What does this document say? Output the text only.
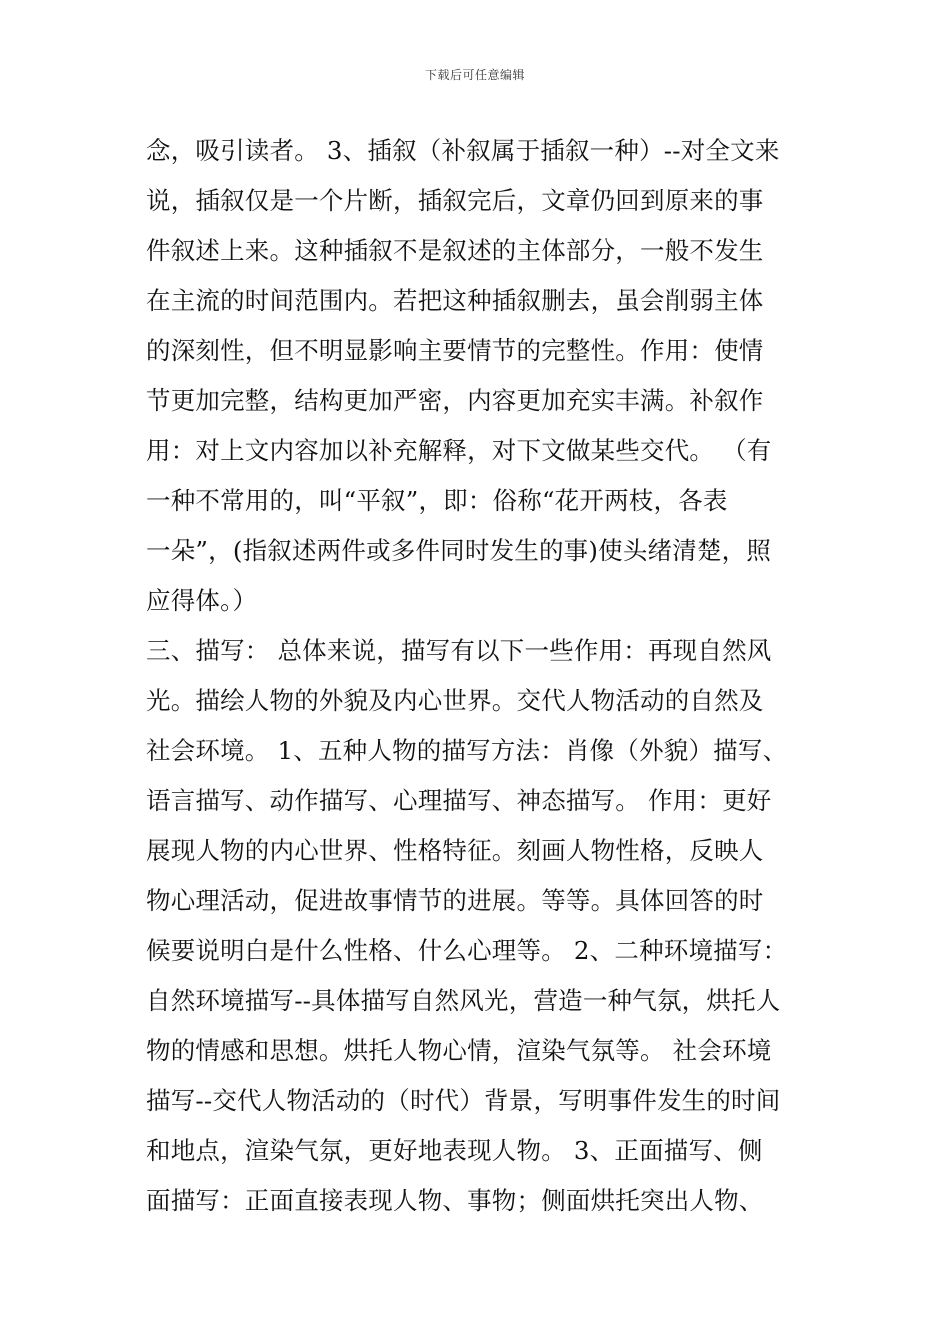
下载后可任意编辑
念，吸引读者。 3、插叙（补叙属于插叙一种）--对全文来
说，插叙仅是一个片断，插叙完后，文章仍回到原来的事
件叙述上来。这种插叙不是叙述的主体部分，一般不发生
在主流的时间范围内。若把这种插叙删去，虽会削弱主体
的深刻性，但不明显影响主要情节的完整性。作用：使情
节更加完整，结构更加严密，内容更加充实丰满。补叙作
用：对上文内容加以补充解释，对下文做某些交代。 （有
一种不常用的，叫“平叙”，即：俗称“花开两枝，各表
一朵”，(指叙述两件或多件同时发生的事)使头绪清楚，照
应得体。）
三、描写： 总体来说，描写有以下一些作用：再现自然风
光。描绘人物的外貌及内心世界。交代人物活动的自然及
社会环境。 1、五种人物的描写方法：肖像（外貌）描写、
语言描写、动作描写、心理描写、神态描写。 作用：更好
展现人物的内心世界、性格特征。刻画人物性格，反映人
物心理活动，促进故事情节的进展。等等。具体回答的时
候要说明白是什么性格、什么心理等。 2、二种环境描写：
自然环境描写--具体描写自然风光，营造一种气氛，烘托人
物的情感和思想。烘托人物心情，渲染气氛等。 社会环境
描写--交代人物活动的（时代）背景，写明事件发生的时间
和地点，渲染气氛，更好地表现人物。 3、正面描写、侧
面描写：正面直接表现人物、事物；侧面烘托突出人物、
